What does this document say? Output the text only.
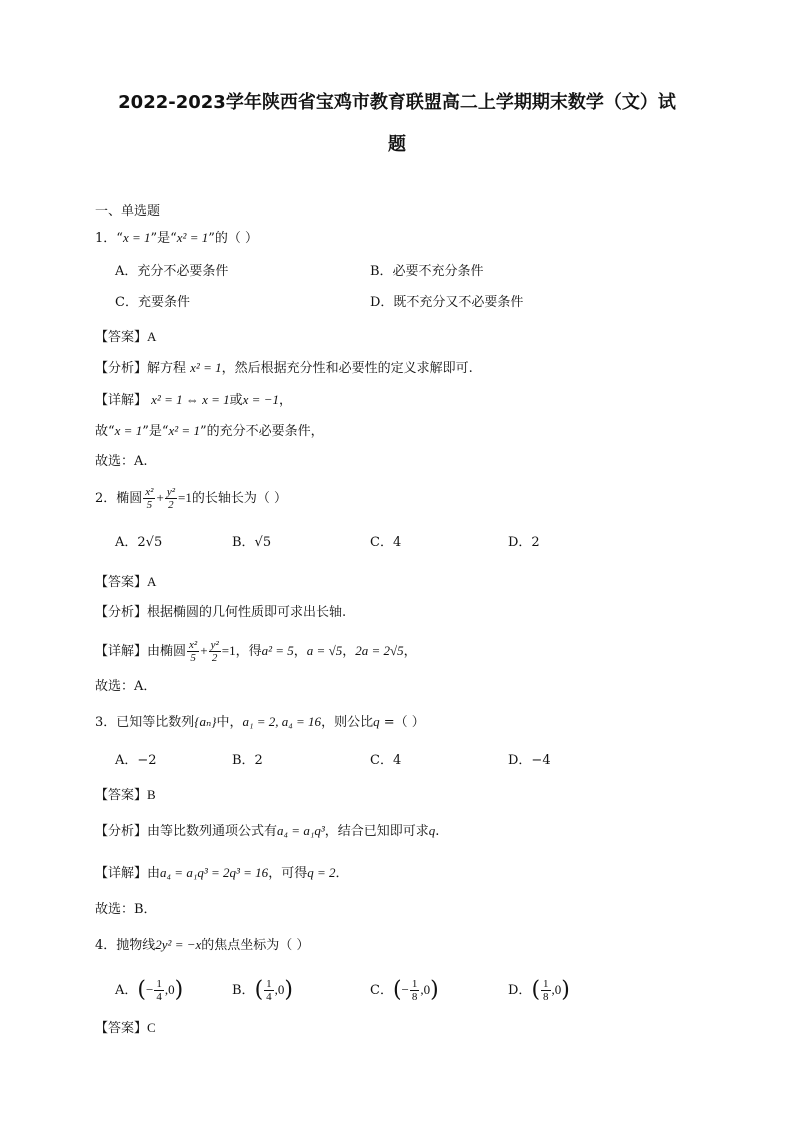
2022-2023学年陕西省宝鸡市教育联盟高二上学期期末数学（文）试
题
一、单选题
1．“x = 1”是“x² = 1”的（ ）
A．充分不必要条件	B．必要不充分条件
C．充要条件	D．既不充分又不必要条件
【答案】A
【分析】解方程 x² = 1，然后根据充分性和必要性的定义求解即可.
【详解】 x² = 1 ⇔ x = 1或x = −1，
故“x = 1”是“x² = 1”的充分不必要条件，
故选：A.
2．椭圆 $\frac{\text{x²}}{5} + \frac{\text{y²}}{2} =1$的长轴长为（ ）
A．2√5	B．√5	C．4	D．2
【答案】A
【分析】根据椭圆的几何性质即可求出长轴.
【详解】由椭圆 $\frac{\text{x²}}{5} + \frac{\text{y²}}{2} =1$，得a² = 5，a = √5，2a = 2√5，
故选：A．
3．已知等比数列{aₙ}中，a₁ = 2, a₄ = 16，则公比q =（ ）
A．−2	B．2	C．4	D．−4
【答案】B
【分析】由等比数列通项公式有a₄ = a₁q³，结合已知即可求q.
【详解】由a₄ = a₁q³ = 2q³ = 16，可得q = 2．
故选：B．
4．抛物线2y² = −x的焦点坐标为（ ）
A．(− $\frac{1}{4} ,0$)	B．( $\frac{1}{4} ,0$)	C．(− $\frac{1}{8} ,0$)	D．( $\frac{1}{8} ,0$)
【答案】C
